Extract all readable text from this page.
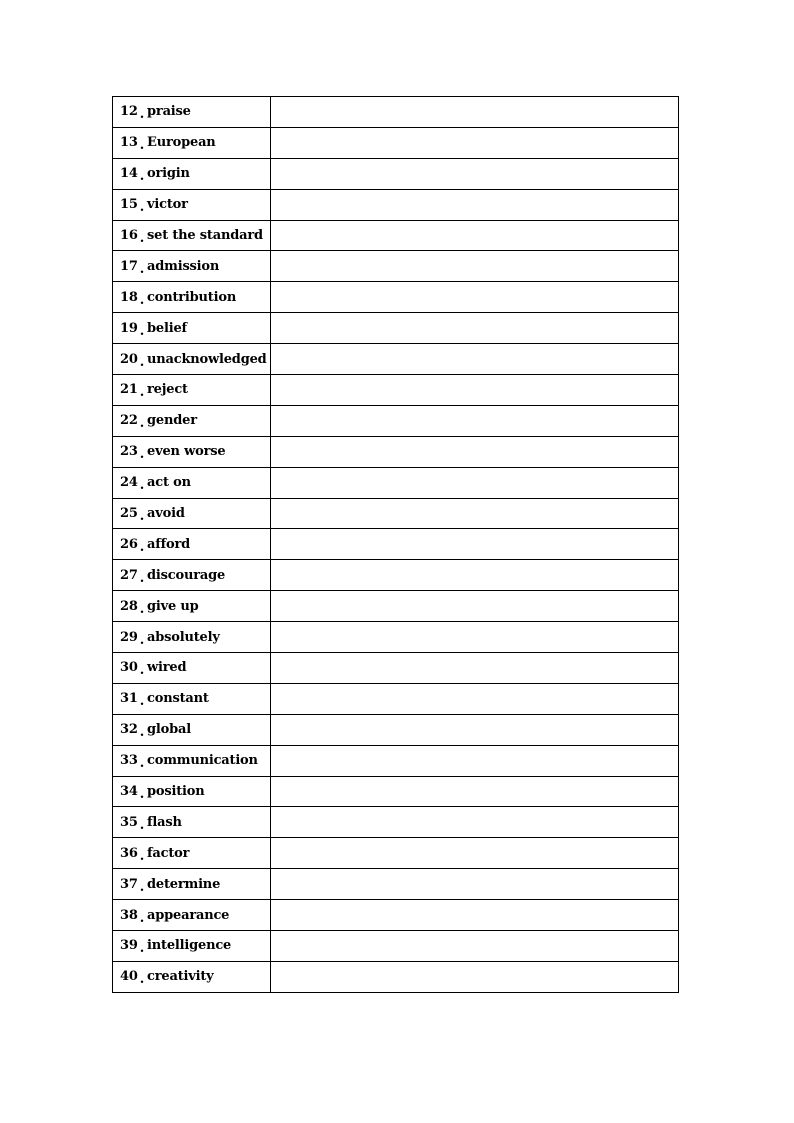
12 . praise	
13 . European	
14 . origin	
15 . victor	
16 . set the standard	
17 . admission	
18 . contribution	
19 . belief	
20 . unacknowledged	
21 . reject	
22 . gender	
23 . even worse	
24 . act on	
25 . avoid	
26 . afford	
27 . discourage	
28 . give up	
29 . absolutely	
30 . wired	
31 . constant	
32 . global	
33 . communication	
34 . position	
35 . flash	
36 . factor	
37 . determine	
38 . appearance	
39 . intelligence	
40 . creativity	
